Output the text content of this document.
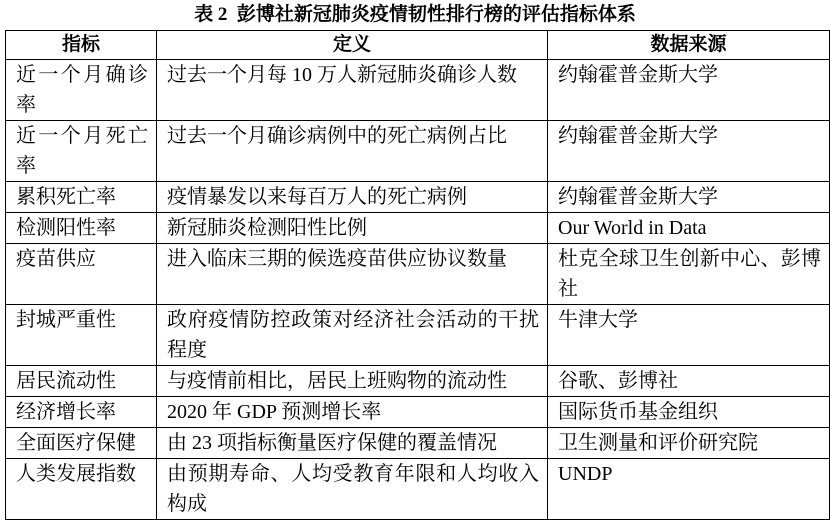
表 2  彭博社新冠肺炎疫情韧性排行榜的评估指标体系
指标	定义	数据来源
近一个月确诊率	过去一个月每 10 万人新冠肺炎确诊人数	约翰霍普金斯大学
近一个月死亡率	过去一个月确诊病例中的死亡病例占比	约翰霍普金斯大学
累积死亡率	疫情暴发以来每百万人的死亡病例	约翰霍普金斯大学
检测阳性率	新冠肺炎检测阳性比例	Our World in Data
疫苗供应	进入临床三期的候选疫苗供应协议数量	杜克全球卫生创新中心、彭博社
封城严重性	政府疫情防控政策对经济社会活动的干扰程度	牛津大学
居民流动性	与疫情前相比，居民上班购物的流动性	谷歌、彭博社
经济增长率	2020 年 GDP 预测增长率	国际货币基金组织
全面医疗保健	由 23 项指标衡量医疗保健的覆盖情况	卫生测量和评价研究院
人类发展指数	由预期寿命、人均受教育年限和人均收入构成	UNDP
